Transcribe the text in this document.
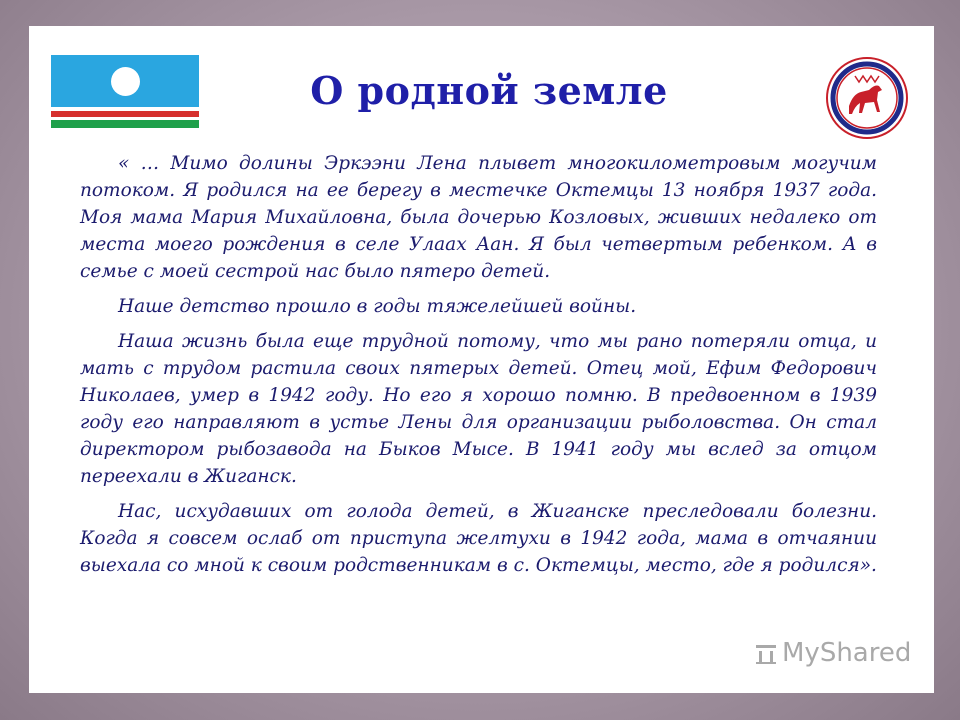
О родной земле

« … Мимо долины Эркээни Лена плывет многокилометровым могучим потоком. Я родился на ее берегу в местечке Октемцы 13 ноября 1937 года. Моя мама Мария Михайловна, была дочерью Козловых, живших недалеко от места моего рождения в селе Улаах Аан. Я был четвертым ребенком. А в семье с моей сестрой нас было пятеро детей.

Наше детство прошло в годы тяжелейшей войны.

Наша жизнь была еще трудной потому, что мы рано потеряли отца, и мать с трудом растила своих пятерых детей. Отец мой, Ефим Федорович Николаев, умер в 1942 году. Но его я хорошо помню. В предвоенном в 1939 году его направляют в устье Лены для организации рыболовства. Он стал директором рыбозавода на Быков Мысе. В 1941 году мы вслед за отцом переехали в Жиганск.

Нас, исхудавших от голода детей, в Жиганске преследовали болезни. Когда я совсем ослаб от приступа желтухи в 1942 года, мама в отчаянии выехала со мной к своим родственникам в с. Октемцы, место, где я родился».

MyShared
